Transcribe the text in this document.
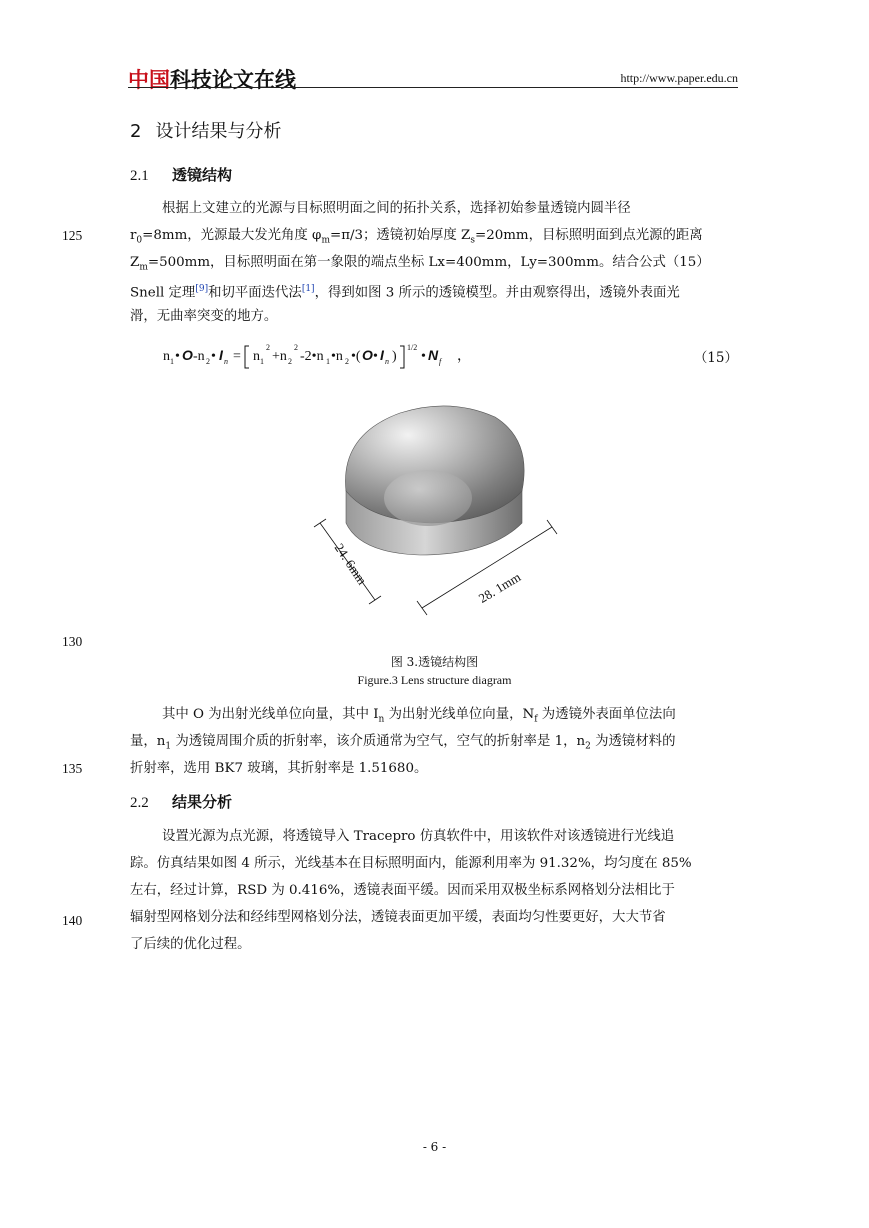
中国科技论文在线	http://www.paper.edu.cn
2 设计结果与分析
2.1 透镜结构
根据上文建立的光源与目标照明面之间的拓扑关系，选择初始参量透镜内圆半径
$r_0=8mm$，光源最大发光角度 $\varphi_m=\pi/3$；透镜初始厚度 $Z_s=20mm$，目标照明面到点光源的距离
$Z_m=500mm$，目标照明面在第一象限的端点坐标 Lx=400mm，Ly=300mm。结合公式（15）
Snell 定理[9]和切平面迭代法[1]，得到如图 3 所示的透镜模型。并由观察得出，透镜外表面光
滑，无曲率突变的地方。
n 1 • O -n 2 • I n = n 1
2
+n 2
2
-2•n 1 •n 2 •( O • I n )
1/2
• N f ，	（15）
24. 6mm
28. 1mm
图 3.透镜结构图
Figure.3 Lens structure diagram
其中 O 为出射光线单位向量，其中 $I_n$ 为出射光线单位向量，$N_f$ 为透镜外表面单位法向
量，$n_1$ 为透镜周围介质的折射率，该介质通常为空气，空气的折射率是 1，$n_2$ 为透镜材料的
折射率，选用 BK7 玻璃，其折射率是 1.51680。
2.2 结果分析
设置光源为点光源，将透镜导入 Tracepro 仿真软件中，用该软件对该透镜进行光线追
踪。仿真结果如图 4 所示，光线基本在目标照明面内，能源利用率为 91.32%，均匀度在 85%
左右，经过计算，RSD 为 0.416%，透镜表面平缓。因而采用双极坐标系网格划分法相比于
辐射型网格划分法和经纬型网格划分法，透镜表面更加平缓，表面均匀性要更好，大大节省
了后续的优化过程。
125
130
135
140
- 6 -
